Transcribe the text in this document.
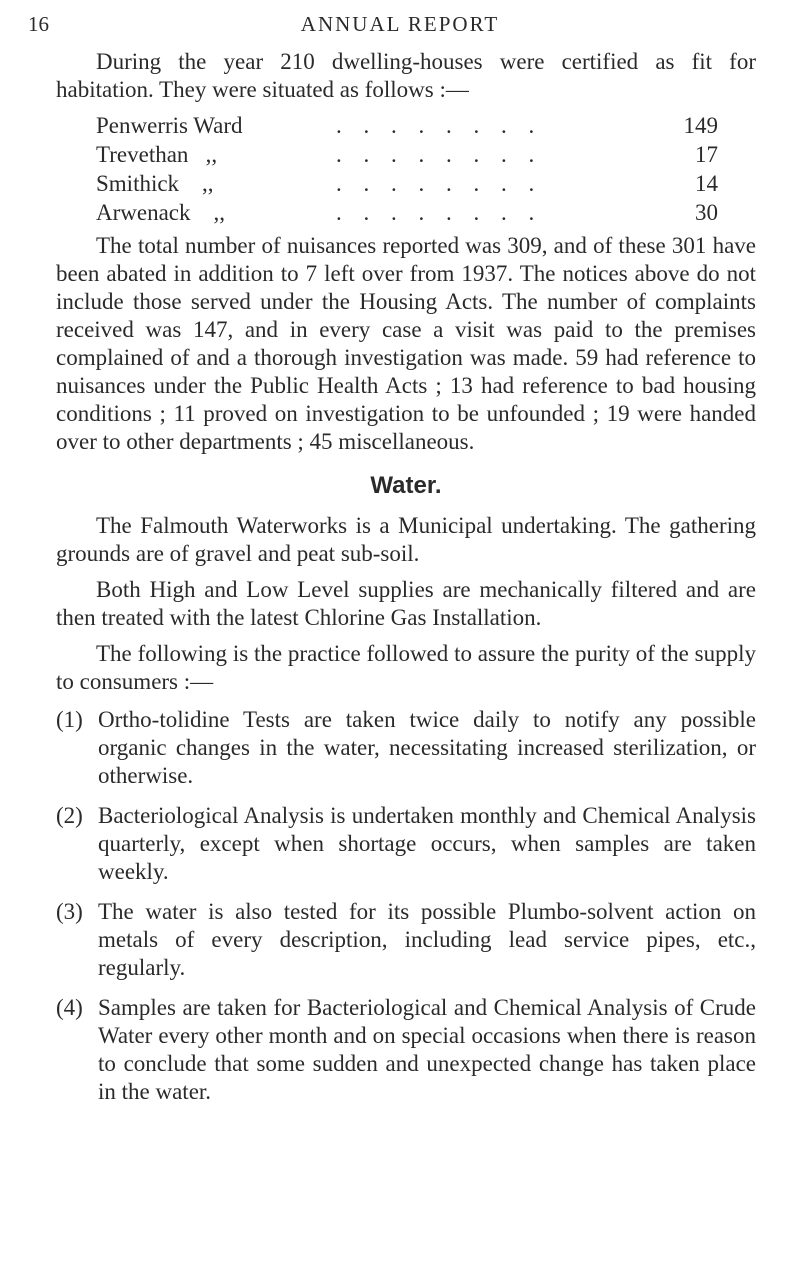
16	ANNUAL REPORT

During the year 210 dwelling-houses were certified as fit for habitation. They were situated as follows :—

Penwerris Ward	. . . . . . . .	149
Trevethan   ,,	. . . . . . . .	17
Smithick    ,,	. . . . . . . .	14
Arwenack    ,,	. . . . . . . .	30

The total number of nuisances reported was 309, and of these 301 have been abated in addition to 7 left over from 1937. The notices above do not include those served under the Housing Acts. The number of complaints received was 147, and in every case a visit was paid to the premises complained of and a thorough investigation was made. 59 had reference to nuisances under the Public Health Acts ; 13 had reference to bad housing conditions ; 11 proved on investigation to be unfounded ; 19 were handed over to other departments ; 45 miscellaneous.

Water.

The Falmouth Waterworks is a Municipal undertaking. The gathering grounds are of gravel and peat sub-soil.

Both High and Low Level supplies are mechanically filtered and are then treated with the latest Chlorine Gas Installation.

The following is the practice followed to assure the purity of the supply to consumers :—

(1) Ortho-tolidine Tests are taken twice daily to notify any possible organic changes in the water, necessitating increased sterilization, or otherwise.
(2) Bacteriological Analysis is undertaken monthly and Chemical Analysis quarterly, except when shortage occurs, when samples are taken weekly.
(3) The water is also tested for its possible Plumbo-solvent action on metals of every description, including lead service pipes, etc., regularly.
(4) Samples are taken for Bacteriological and Chemical Analysis of Crude Water every other month and on special occasions when there is reason to conclude that some sudden and unexpected change has taken place in the water.
